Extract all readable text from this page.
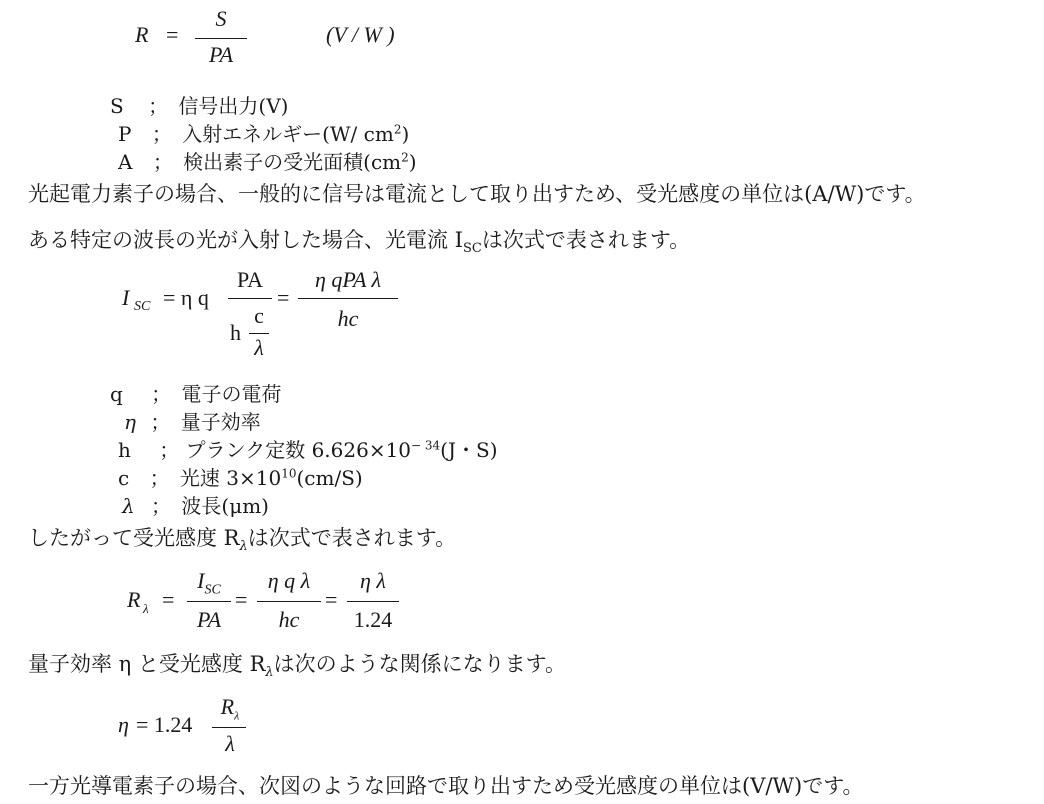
R =
S
PA
(V / W )
S ； 信号出力(V)
P ； 入射エネルギー(W/ $cm^2$)
A ； 検出素子の受光面積$(cm^2)$
光起電力素子の場合、一般的に信号は電流として取り出すため、受光感度の単位は(A/W)です。
ある特定の波長の光が入射した場合、光電流 $I_{SC}$は次式で表されます。
I SC = η q
PA
h
c
λ
=
η qPA λ
hc
q ； 電子の電荷
η ； 量子効率
h ； プランク定数 $6.626\times 10^{- 34}(J$・S)
c ； 光速 $3\times 10^{10}(cm/S)$
λ ； 波長(μm)
したがって受光感度 $R_\lambda$は次式で表されます。
R λ =
$I_{SC}$
PA
=
η q λ
hc
=
η λ
1.24
量子効率 η と受光感度 $R_\lambda$は次のような関係になります。
η = 1.24
$R_\lambda$
λ
一方光導電素子の場合、次図のような回路で取り出すため受光感度の単位は(V/W)です。
